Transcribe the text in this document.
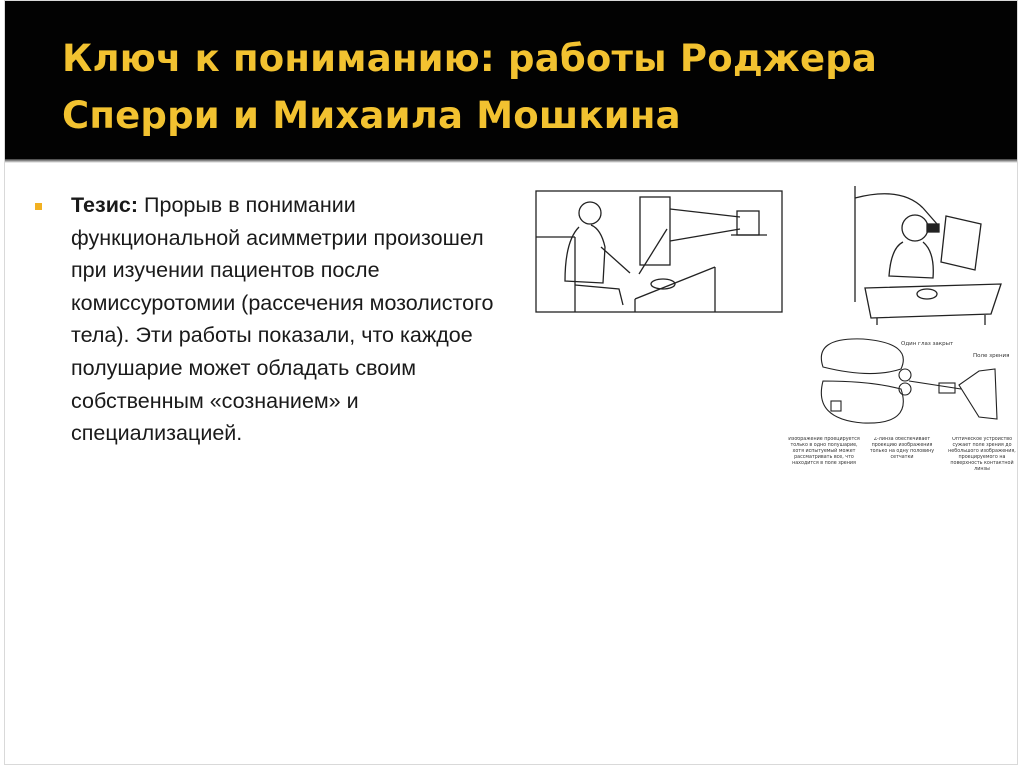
Ключ к пониманию: работы Роджера Сперри и Михаила Мошкина

Тезис: Прорыв в понимании функциональной асимметрии произошел при изучении пациентов после комиссуротомии (рассечения мозолистого тела). Эти работы показали, что каждое полушарие может обладать своим собственным «сознанием» и специализацией.

Один глаз закрыт
Поле зрения
Изображение проецируется только в одно полушарие, хотя испытуемый может рассматривать все, что находится в поле зрения
Z-линза обеспечивает проекцию изображения только на одну половину сетчатки
Оптическое устройство сужает поле зрения до небольшого изображения, проецируемого на поверхность контактной линзы
